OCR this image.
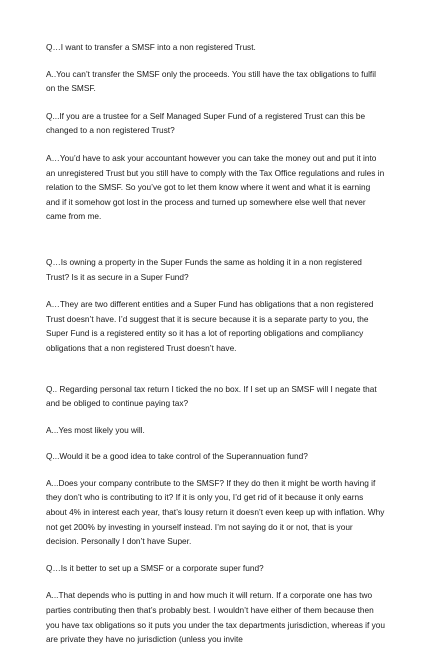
Q…I want to transfer a SMSF into a non registered Trust.

A..You can’t transfer the SMSF only the proceeds. You still have the tax obligations to fulfil on the SMSF.

Q...If you are a trustee for a Self Managed Super Fund of a registered Trust can this be changed to a non registered Trust?

A…You’d have to ask your accountant however you can take the money out and put it into an unregistered Trust but you still have to comply with the Tax Office regulations and rules in relation to the SMSF. So you’ve got to let them know where it went and what it is earning and if it somehow got lost in the process and turned up somewhere else well that never came from me.

Q…Is owning a property in the Super Funds the same as holding it in a non registered Trust? Is it as secure in a Super Fund?

A…They are two different entities and a Super Fund has obligations that a non registered Trust doesn’t have. I’d suggest that it is secure because it is a separate party to you, the Super Fund is a registered entity so it has a lot of reporting obligations and compliancy obligations that a non registered Trust doesn’t have.

Q.. Regarding personal tax return I ticked the no box. If I set up an SMSF will I negate that and be obliged to continue paying tax?

A...Yes most likely you will.

Q...Would it be a good idea to take control of the Superannuation fund?

A...Does your company contribute to the SMSF? If they do then it might be worth having if they don’t who is contributing to it? If it is only you, I’d get rid of it because it only earns about 4% in interest each year, that’s lousy return it doesn’t even keep up with inflation. Why not get 200% by investing in yourself instead. I’m not saying do it or not, that is your decision. Personally I don’t have Super.

Q…Is it better to set up a SMSF or a corporate super fund?

A...That depends who is putting in and how much it will return. If a corporate one has two parties contributing then that’s probably best. I wouldn’t have either of them because then you have tax obligations so it puts you under the tax departments jurisdiction, whereas if you are private they have no jurisdiction (unless you invite
